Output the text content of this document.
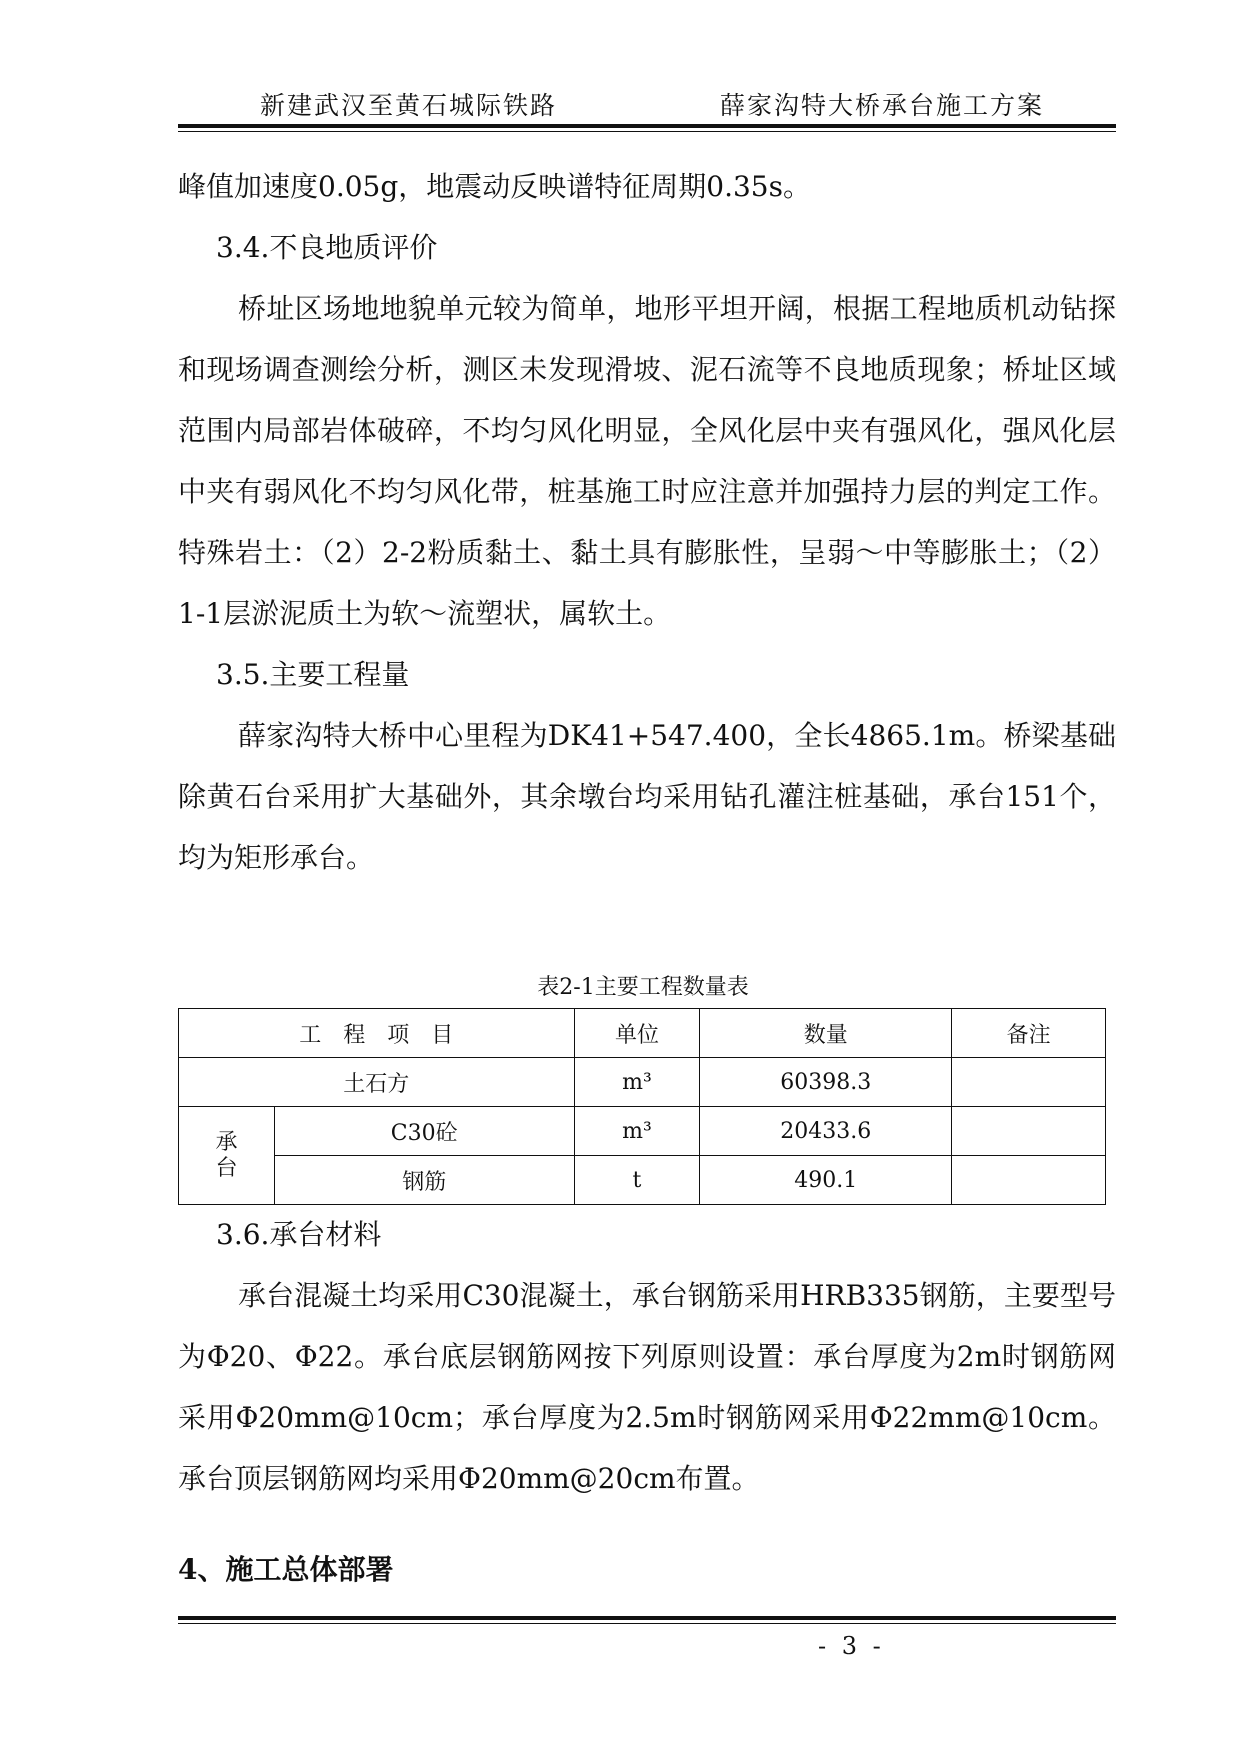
新建武汉至黄石城际铁路	薛家沟特大桥承台施工方案

峰值加速度0.05g，地震动反映谱特征周期0.35s。

3.4.不良地质评价

桥址区场地地貌单元较为简单，地形平坦开阔，根据工程地质机动钻探和现场调查测绘分析，测区未发现滑坡、泥石流等不良地质现象；桥址区域范围内局部岩体破碎，不均匀风化明显，全风化层中夹有强风化，强风化层中夹有弱风化不均匀风化带，桩基施工时应注意并加强持力层的判定工作。特殊岩土：（2）2-2粉质黏土、黏土具有膨胀性，呈弱～中等膨胀土；（2）1-1层淤泥质土为软～流塑状，属软土。

3.5.主要工程量

薛家沟特大桥中心里程为DK41+547.400，全长4865.1m。桥梁基础除黄石台采用扩大基础外，其余墩台均采用钻孔灌注桩基础，承台151个，均为矩形承台。

表2-1主要工程数量表

工　程　项　目		单位	数量	备注
土石方		m³	60398.3	
承台	C30砼	m³	20433.6	
	钢筋	t	490.1	

3.6.承台材料

承台混凝土均采用C30混凝土，承台钢筋采用HRB335钢筋，主要型号为Φ20、Φ22。承台底层钢筋网按下列原则设置：承台厚度为2m时钢筋网采用Φ20mm@10cm；承台厚度为2.5m时钢筋网采用Φ22mm@10cm。承台顶层钢筋网均采用Φ20mm@20cm布置。

4、施工总体部署
- 3 -
